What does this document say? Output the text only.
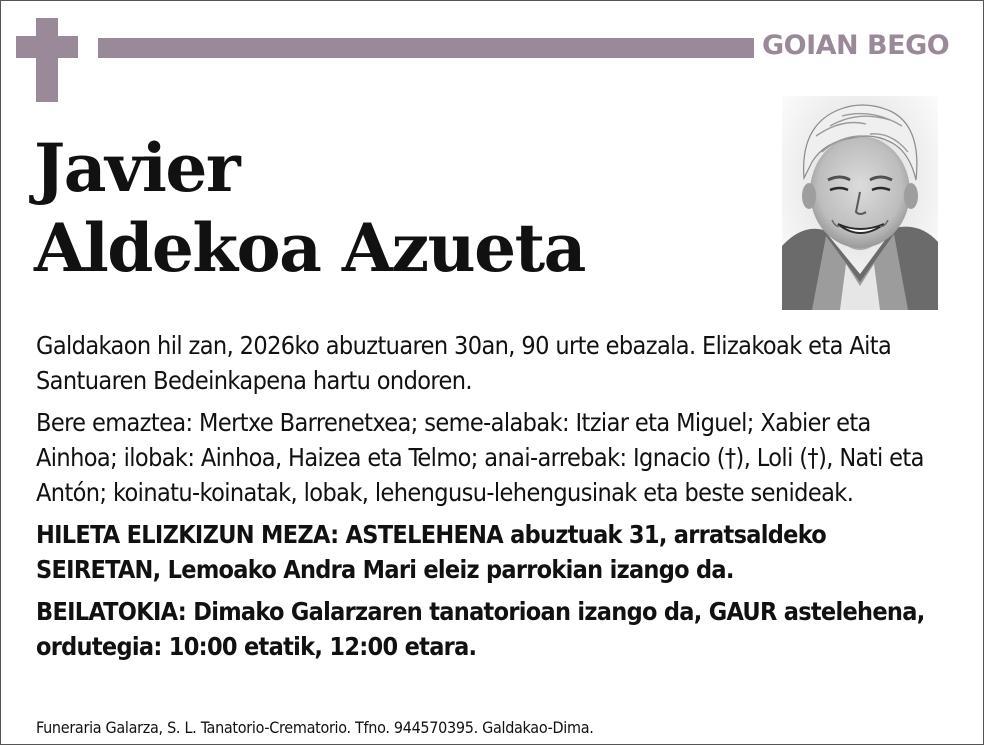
GOIAN BEGO
Javier
Aldekoa Azueta

Galdakaon hil zan, 2026ko abuztuaren 30an, 90 urte ebazala. Elizakoak eta Aita Santuaren Bedeinkapena hartu ondoren.

Bere emaztea: Mertxe Barrenetxea; seme-alabak: Itziar eta Miguel; Xabier eta Ainhoa; ilobak: Ainhoa, Haizea eta Telmo; anai-arrebak: Ignacio (†), Loli (†), Nati eta Antón; koinatu-koinatak, lobak, lehengusu-lehengusinak eta beste senideak.

HILETA ELIZKIZUN MEZA: ASTELEHENA abuztuak 31, arratsaldeko SEIRETAN, Lemoako Andra Mari eleiz parrokian izango da.

BEILATOKIA: Dimako Galarzaren tanatorioan izango da, GAUR astelehena, ordutegia: 10:00 etatik, 12:00 etara.

Funeraria Galarza, S. L. Tanatorio-Crematorio. Tfno. 944570395. Galdakao-Dima.
